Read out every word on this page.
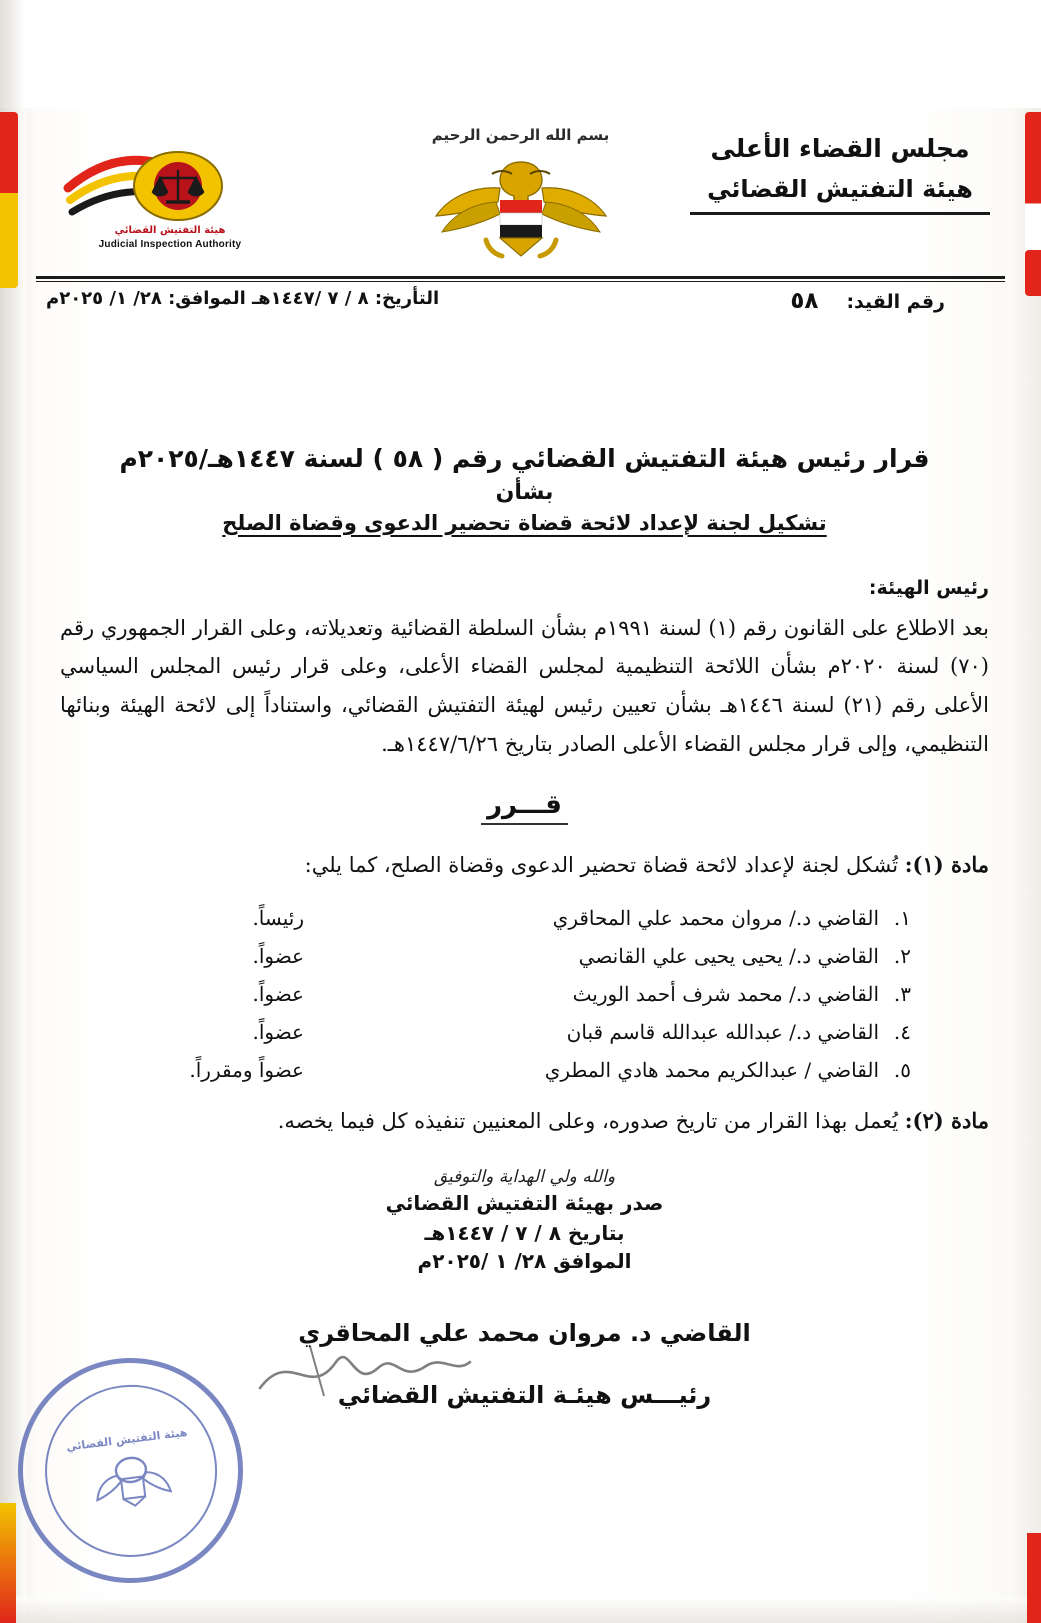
هيئة التفتيش القضائي
Judicial Inspection Authority
بسم الله الرحمن الرحيم	مجلس القضاء الأعلى
هيئة التفتيش القضائي
رقم القيد:٥٨
التأريخ: ٨ / ٧ /١٤٤٧هـ الموافق: ٢٨/ ١/ ٢٠٢٥م
قرار رئيس هيئة التفتيش القضائي رقم ( ٥٨ ) لسنة ١٤٤٧هـ/٢٠٢٥م
بشأن
تشكيل لجنة لإعداد لائحة قضاة تحضير الدعوى وقضاة الصلح
رئيس الهيئة:
بعد الاطلاع على القانون رقم (١) لسنة ١٩٩١م بشأن السلطة القضائية وتعديلاته، وعلى القرار الجمهوري رقم (٧٠) لسنة ٢٠٢٠م بشأن اللائحة التنظيمية لمجلس القضاء الأعلى، وعلى قرار رئيس المجلس السياسي الأعلى رقم (٢١) لسنة ١٤٤٦هـ بشأن تعيين رئيس لهيئة التفتيش القضائي، واستناداً إلى لائحة الهيئة وبنائها التنظيمي، وإلى قرار مجلس القضاء الأعلى الصادر بتاريخ ١٤٤٧/٦/٢٦هـ.
قـــرر
مادة (١): تُشكل لجنة لإعداد لائحة قضاة تحضير الدعوى وقضاة الصلح، كما يلي:
١.
القاضي د./ مروان محمد علي المحاقري
رئيساً.
٢.
القاضي د./ يحيى يحيى علي القانصي
عضواً.
٣.
القاضي د./ محمد شرف أحمد الوريث
عضواً.
٤.
القاضي د./ عبدالله عبدالله قاسم قبان
عضواً.
٥.
القاضي / عبدالكريم محمد هادي المطري
عضواً ومقرراً.
مادة (٢): يُعمل بهذا القرار من تاريخ صدوره، وعلى المعنيين تنفيذه كل فيما يخصه.
والله ولي الهداية والتوفيق
صدر بهيئة التفتيش القضائي
بتاريخ ٨ / ٧ / ١٤٤٧هـ
الموافق ٢٨/ ١ /٢٠٢٥م
القاضي د. مروان محمد علي المحاقري
رئيـــس هيئـة التفتيش القضائي
هيئة التفتيش القضائي
